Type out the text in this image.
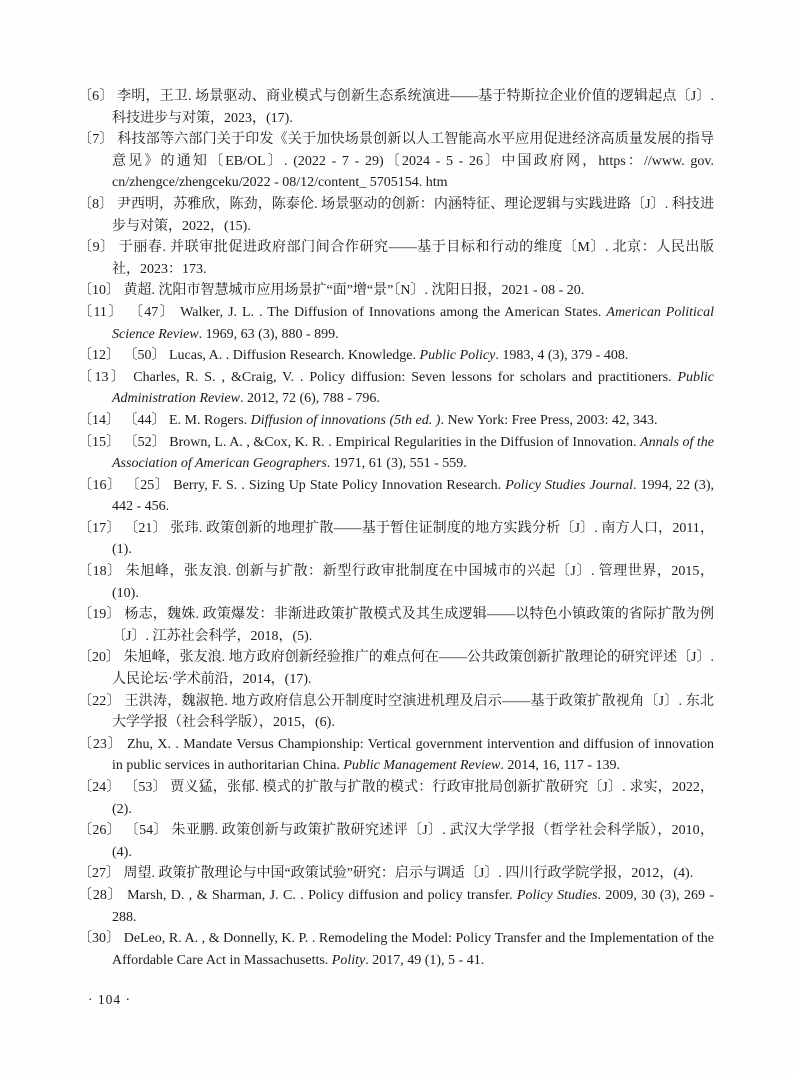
〔6〕 李明，王卫. 场景驱动、商业模式与创新生态系统演进——基于特斯拉企业价值的逻辑起点〔J〕. 科技进步与对策，2023，(17).
〔7〕 科技部等六部门关于印发《关于加快场景创新以人工智能高水平应用促进经济高质量发展的指导意见》的通知〔EB/OL〕. (2022 - 7 - 29)〔2024 - 5 - 26〕中国政府网，https：//www. gov. cn/zhengce/zhengceku/2022 - 08/12/content_ 5705154. htm
〔8〕 尹西明，苏雅欣，陈劲，陈泰伦. 场景驱动的创新：内涵特征、理论逻辑与实践进路〔J〕. 科技进步与对策，2022，(15).
〔9〕 于丽春. 并联审批促进政府部门间合作研究——基于目标和行动的维度〔M〕. 北京：人民出版社，2023：173.
〔10〕 黄超. 沈阳市智慧城市应用场景扩“面”增“景”〔N〕. 沈阳日报，2021 - 08 - 20.
〔11〕 〔47〕 Walker, J. L. . The Diffusion of Innovations among the American States. American Political Science Review. 1969, 63 (3), 880 - 899.
〔12〕 〔50〕 Lucas, A. . Diffusion Research. Knowledge. Public Policy. 1983, 4 (3), 379 - 408.
〔13〕 Charles, R. S. , &Craig, V. . Policy diffusion: Seven lessons for scholars and practitioners. Public Administration Review. 2012, 72 (6), 788 - 796.
〔14〕 〔44〕 E. M. Rogers. Diffusion of innovations (5th ed. ). New York: Free Press, 2003: 42, 343.
〔15〕 〔52〕 Brown, L. A. , &Cox, K. R. . Empirical Regularities in the Diffusion of Innovation. Annals of the Association of American Geographers. 1971, 61 (3), 551 - 559.
〔16〕 〔25〕 Berry, F. S. . Sizing Up State Policy Innovation Research. Policy Studies Journal. 1994, 22 (3), 442 - 456.
〔17〕 〔21〕 张玮. 政策创新的地理扩散——基于暂住证制度的地方实践分析〔J〕. 南方人口，2011，(1).
〔18〕 朱旭峰，张友浪. 创新与扩散：新型行政审批制度在中国城市的兴起〔J〕. 管理世界，2015，(10).
〔19〕 杨志，魏姝. 政策爆发：非渐进政策扩散模式及其生成逻辑——以特色小镇政策的省际扩散为例〔J〕. 江苏社会科学，2018，(5).
〔20〕 朱旭峰，张友浪. 地方政府创新经验推广的难点何在——公共政策创新扩散理论的研究评述〔J〕. 人民论坛·学术前沿，2014，(17).
〔22〕 王洪涛，魏淑艳. 地方政府信息公开制度时空演进机理及启示——基于政策扩散视角〔J〕. 东北大学学报（社会科学版），2015，(6).
〔23〕 Zhu, X. . Mandate Versus Championship: Vertical government intervention and diffusion of innovation in public services in authoritarian China. Public Management Review. 2014, 16, 117 - 139.
〔24〕 〔53〕 贾义猛，张郁. 模式的扩散与扩散的模式：行政审批局创新扩散研究〔J〕. 求实，2022，(2).
〔26〕 〔54〕 朱亚鹏. 政策创新与政策扩散研究述评〔J〕. 武汉大学学报（哲学社会科学版），2010，(4).
〔27〕 周望. 政策扩散理论与中国“政策试验”研究：启示与调适〔J〕. 四川行政学院学报，2012，(4).
〔28〕 Marsh, D. , & Sharman, J. C. . Policy diffusion and policy transfer. Policy Studies. 2009, 30 (3), 269 - 288.
〔30〕 DeLeo, R. A. , & Donnelly, K. P. . Remodeling the Model: Policy Transfer and the Implementation of the Affordable Care Act in Massachusetts. Polity. 2017, 49 (1), 5 - 41.
· 104 ·
